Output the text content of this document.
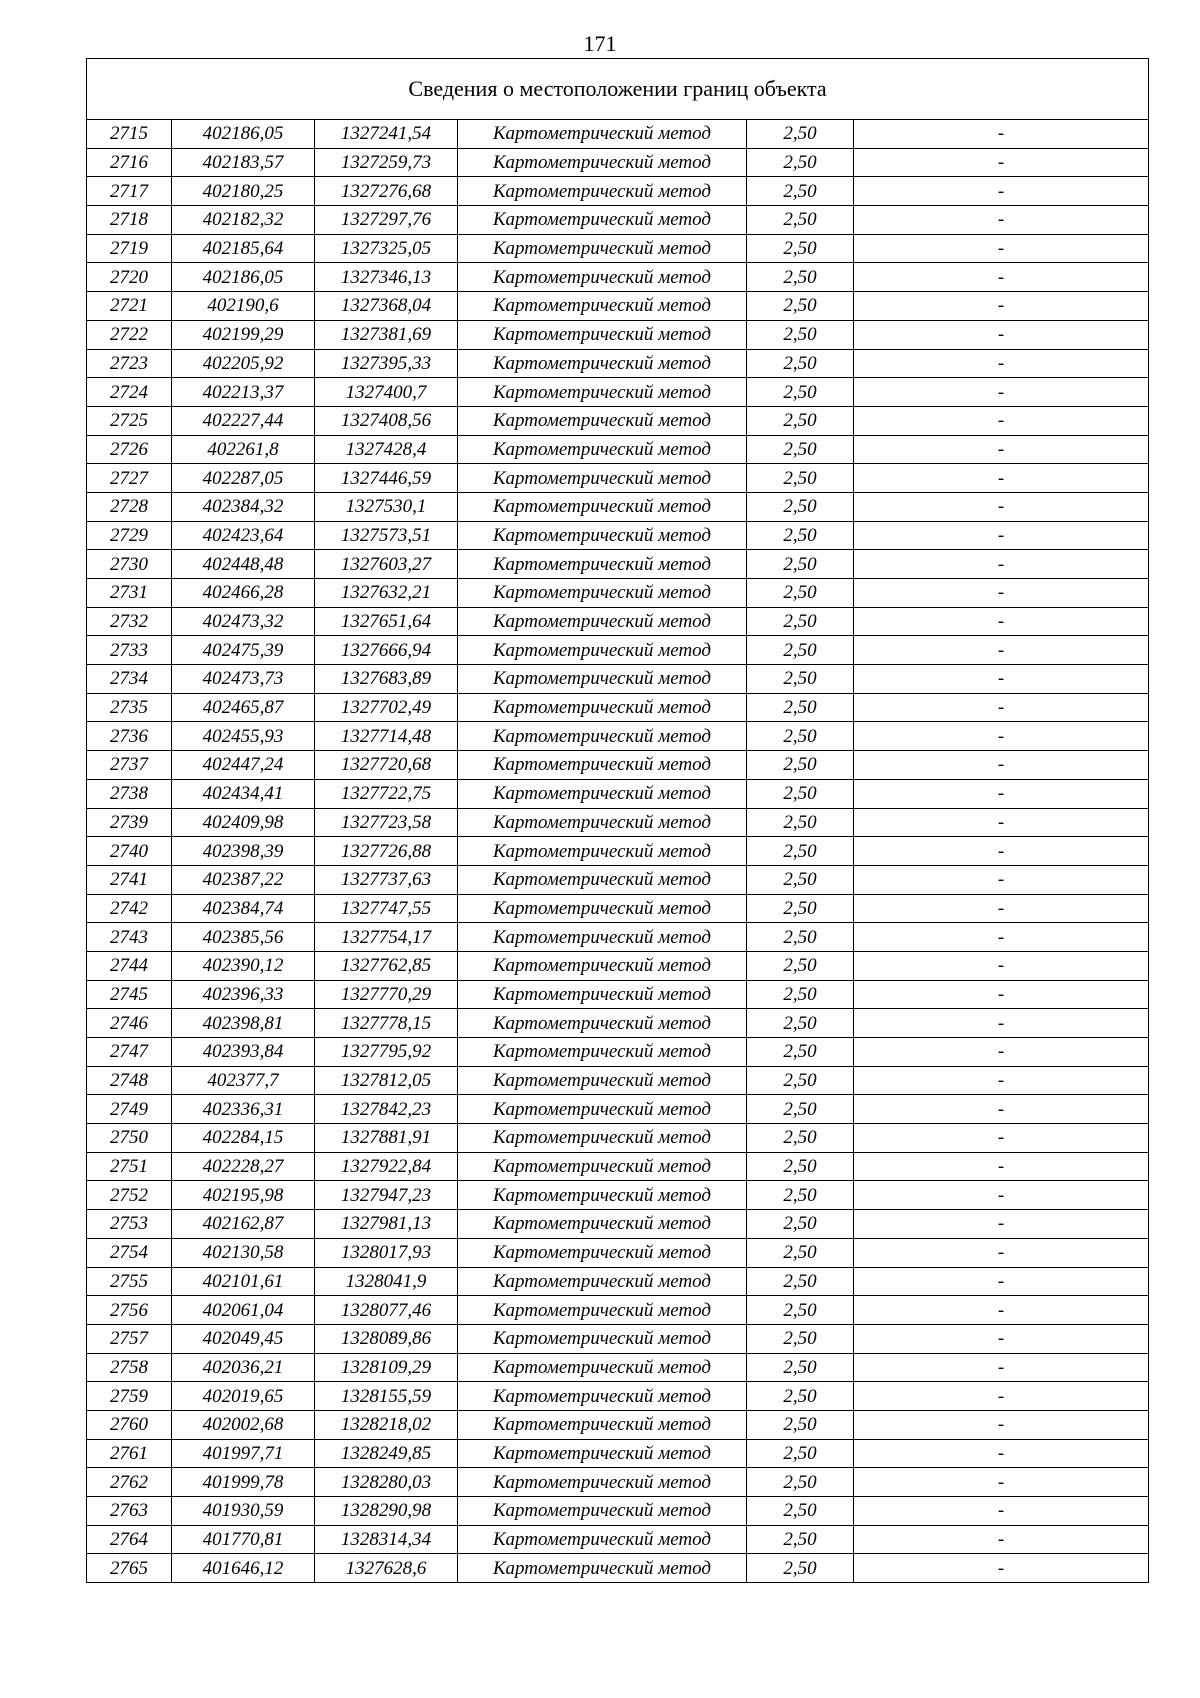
171
Сведения о местоположении границ объекта					
2715	402186,05	1327241,54	Картометрический метод	2,50	-
2716	402183,57	1327259,73	Картометрический метод	2,50	-
2717	402180,25	1327276,68	Картометрический метод	2,50	-
2718	402182,32	1327297,76	Картометрический метод	2,50	-
2719	402185,64	1327325,05	Картометрический метод	2,50	-
2720	402186,05	1327346,13	Картометрический метод	2,50	-
2721	402190,6	1327368,04	Картометрический метод	2,50	-
2722	402199,29	1327381,69	Картометрический метод	2,50	-
2723	402205,92	1327395,33	Картометрический метод	2,50	-
2724	402213,37	1327400,7	Картометрический метод	2,50	-
2725	402227,44	1327408,56	Картометрический метод	2,50	-
2726	402261,8	1327428,4	Картометрический метод	2,50	-
2727	402287,05	1327446,59	Картометрический метод	2,50	-
2728	402384,32	1327530,1	Картометрический метод	2,50	-
2729	402423,64	1327573,51	Картометрический метод	2,50	-
2730	402448,48	1327603,27	Картометрический метод	2,50	-
2731	402466,28	1327632,21	Картометрический метод	2,50	-
2732	402473,32	1327651,64	Картометрический метод	2,50	-
2733	402475,39	1327666,94	Картометрический метод	2,50	-
2734	402473,73	1327683,89	Картометрический метод	2,50	-
2735	402465,87	1327702,49	Картометрический метод	2,50	-
2736	402455,93	1327714,48	Картометрический метод	2,50	-
2737	402447,24	1327720,68	Картометрический метод	2,50	-
2738	402434,41	1327722,75	Картометрический метод	2,50	-
2739	402409,98	1327723,58	Картометрический метод	2,50	-
2740	402398,39	1327726,88	Картометрический метод	2,50	-
2741	402387,22	1327737,63	Картометрический метод	2,50	-
2742	402384,74	1327747,55	Картометрический метод	2,50	-
2743	402385,56	1327754,17	Картометрический метод	2,50	-
2744	402390,12	1327762,85	Картометрический метод	2,50	-
2745	402396,33	1327770,29	Картометрический метод	2,50	-
2746	402398,81	1327778,15	Картометрический метод	2,50	-
2747	402393,84	1327795,92	Картометрический метод	2,50	-
2748	402377,7	1327812,05	Картометрический метод	2,50	-
2749	402336,31	1327842,23	Картометрический метод	2,50	-
2750	402284,15	1327881,91	Картометрический метод	2,50	-
2751	402228,27	1327922,84	Картометрический метод	2,50	-
2752	402195,98	1327947,23	Картометрический метод	2,50	-
2753	402162,87	1327981,13	Картометрический метод	2,50	-
2754	402130,58	1328017,93	Картометрический метод	2,50	-
2755	402101,61	1328041,9	Картометрический метод	2,50	-
2756	402061,04	1328077,46	Картометрический метод	2,50	-
2757	402049,45	1328089,86	Картометрический метод	2,50	-
2758	402036,21	1328109,29	Картометрический метод	2,50	-
2759	402019,65	1328155,59	Картометрический метод	2,50	-
2760	402002,68	1328218,02	Картометрический метод	2,50	-
2761	401997,71	1328249,85	Картометрический метод	2,50	-
2762	401999,78	1328280,03	Картометрический метод	2,50	-
2763	401930,59	1328290,98	Картометрический метод	2,50	-
2764	401770,81	1328314,34	Картометрический метод	2,50	-
2765	401646,12	1327628,6	Картометрический метод	2,50	-
